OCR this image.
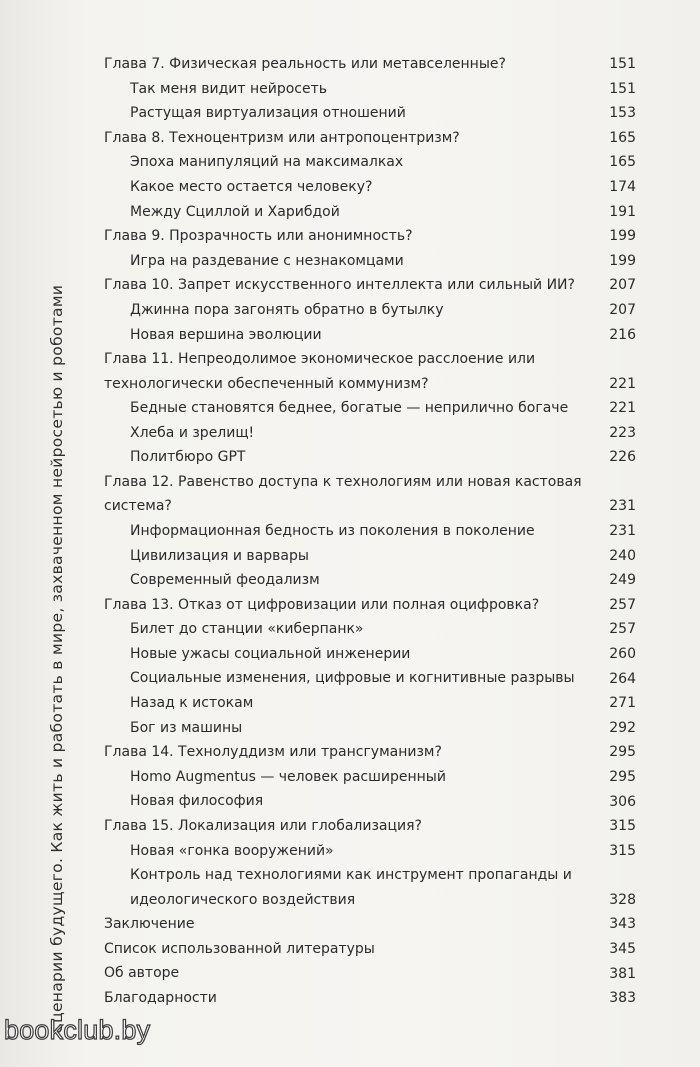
Сценарии будущего. Как жить и работать в мире, захваченном нейросетью и роботами
Глава 7. Физическая реальность или метавселенные?	151
Так меня видит нейросеть	151
Растущая виртуализация отношений	153
Глава 8. Техноцентризм или антропоцентризм?	165
Эпоха манипуляций на максималках	165
Какое место остается человеку?	174
Между Сциллой и Харибдой	191
Глава 9. Прозрачность или анонимность?	199
Игра на раздевание с незнакомцами	199
Глава 10. Запрет искусственного интеллекта или сильный ИИ?	207
Джинна пора загонять обратно в бутылку	207
Новая вершина эволюции	216
Глава 11. Непреодолимое экономическое расслоение или технологически обеспеченный коммунизм?	221
Бедные становятся беднее, богатые — неприлично богаче	221
Хлеба и зрелищ!	223
Политбюро GPT	226
Глава 12. Равенство доступа к технологиям или новая кастовая система?	231
Информационная бедность из поколения в поколение	231
Цивилизация и варвары	240
Современный феодализм	249
Глава 13. Отказ от цифровизации или полная оцифровка?	257
Билет до станции «киберпанк»	257
Новые ужасы социальной инженерии	260
Социальные изменения, цифровые и когнитивные разрывы	264
Назад к истокам	271
Бог из машины	292
Глава 14. Технолуддизм или трансгуманизм?	295
Homo Augmentus — человек расширенный	295
Новая философия	306
Глава 15. Локализация или глобализация?	315
Новая «гонка вооружений»	315
Контроль над технологиями как инструмент пропаганды и идеологического воздействия	328
Заключение	343
Список использованной литературы	345
Об авторе	381
Благодарности	383
bookclub.by
